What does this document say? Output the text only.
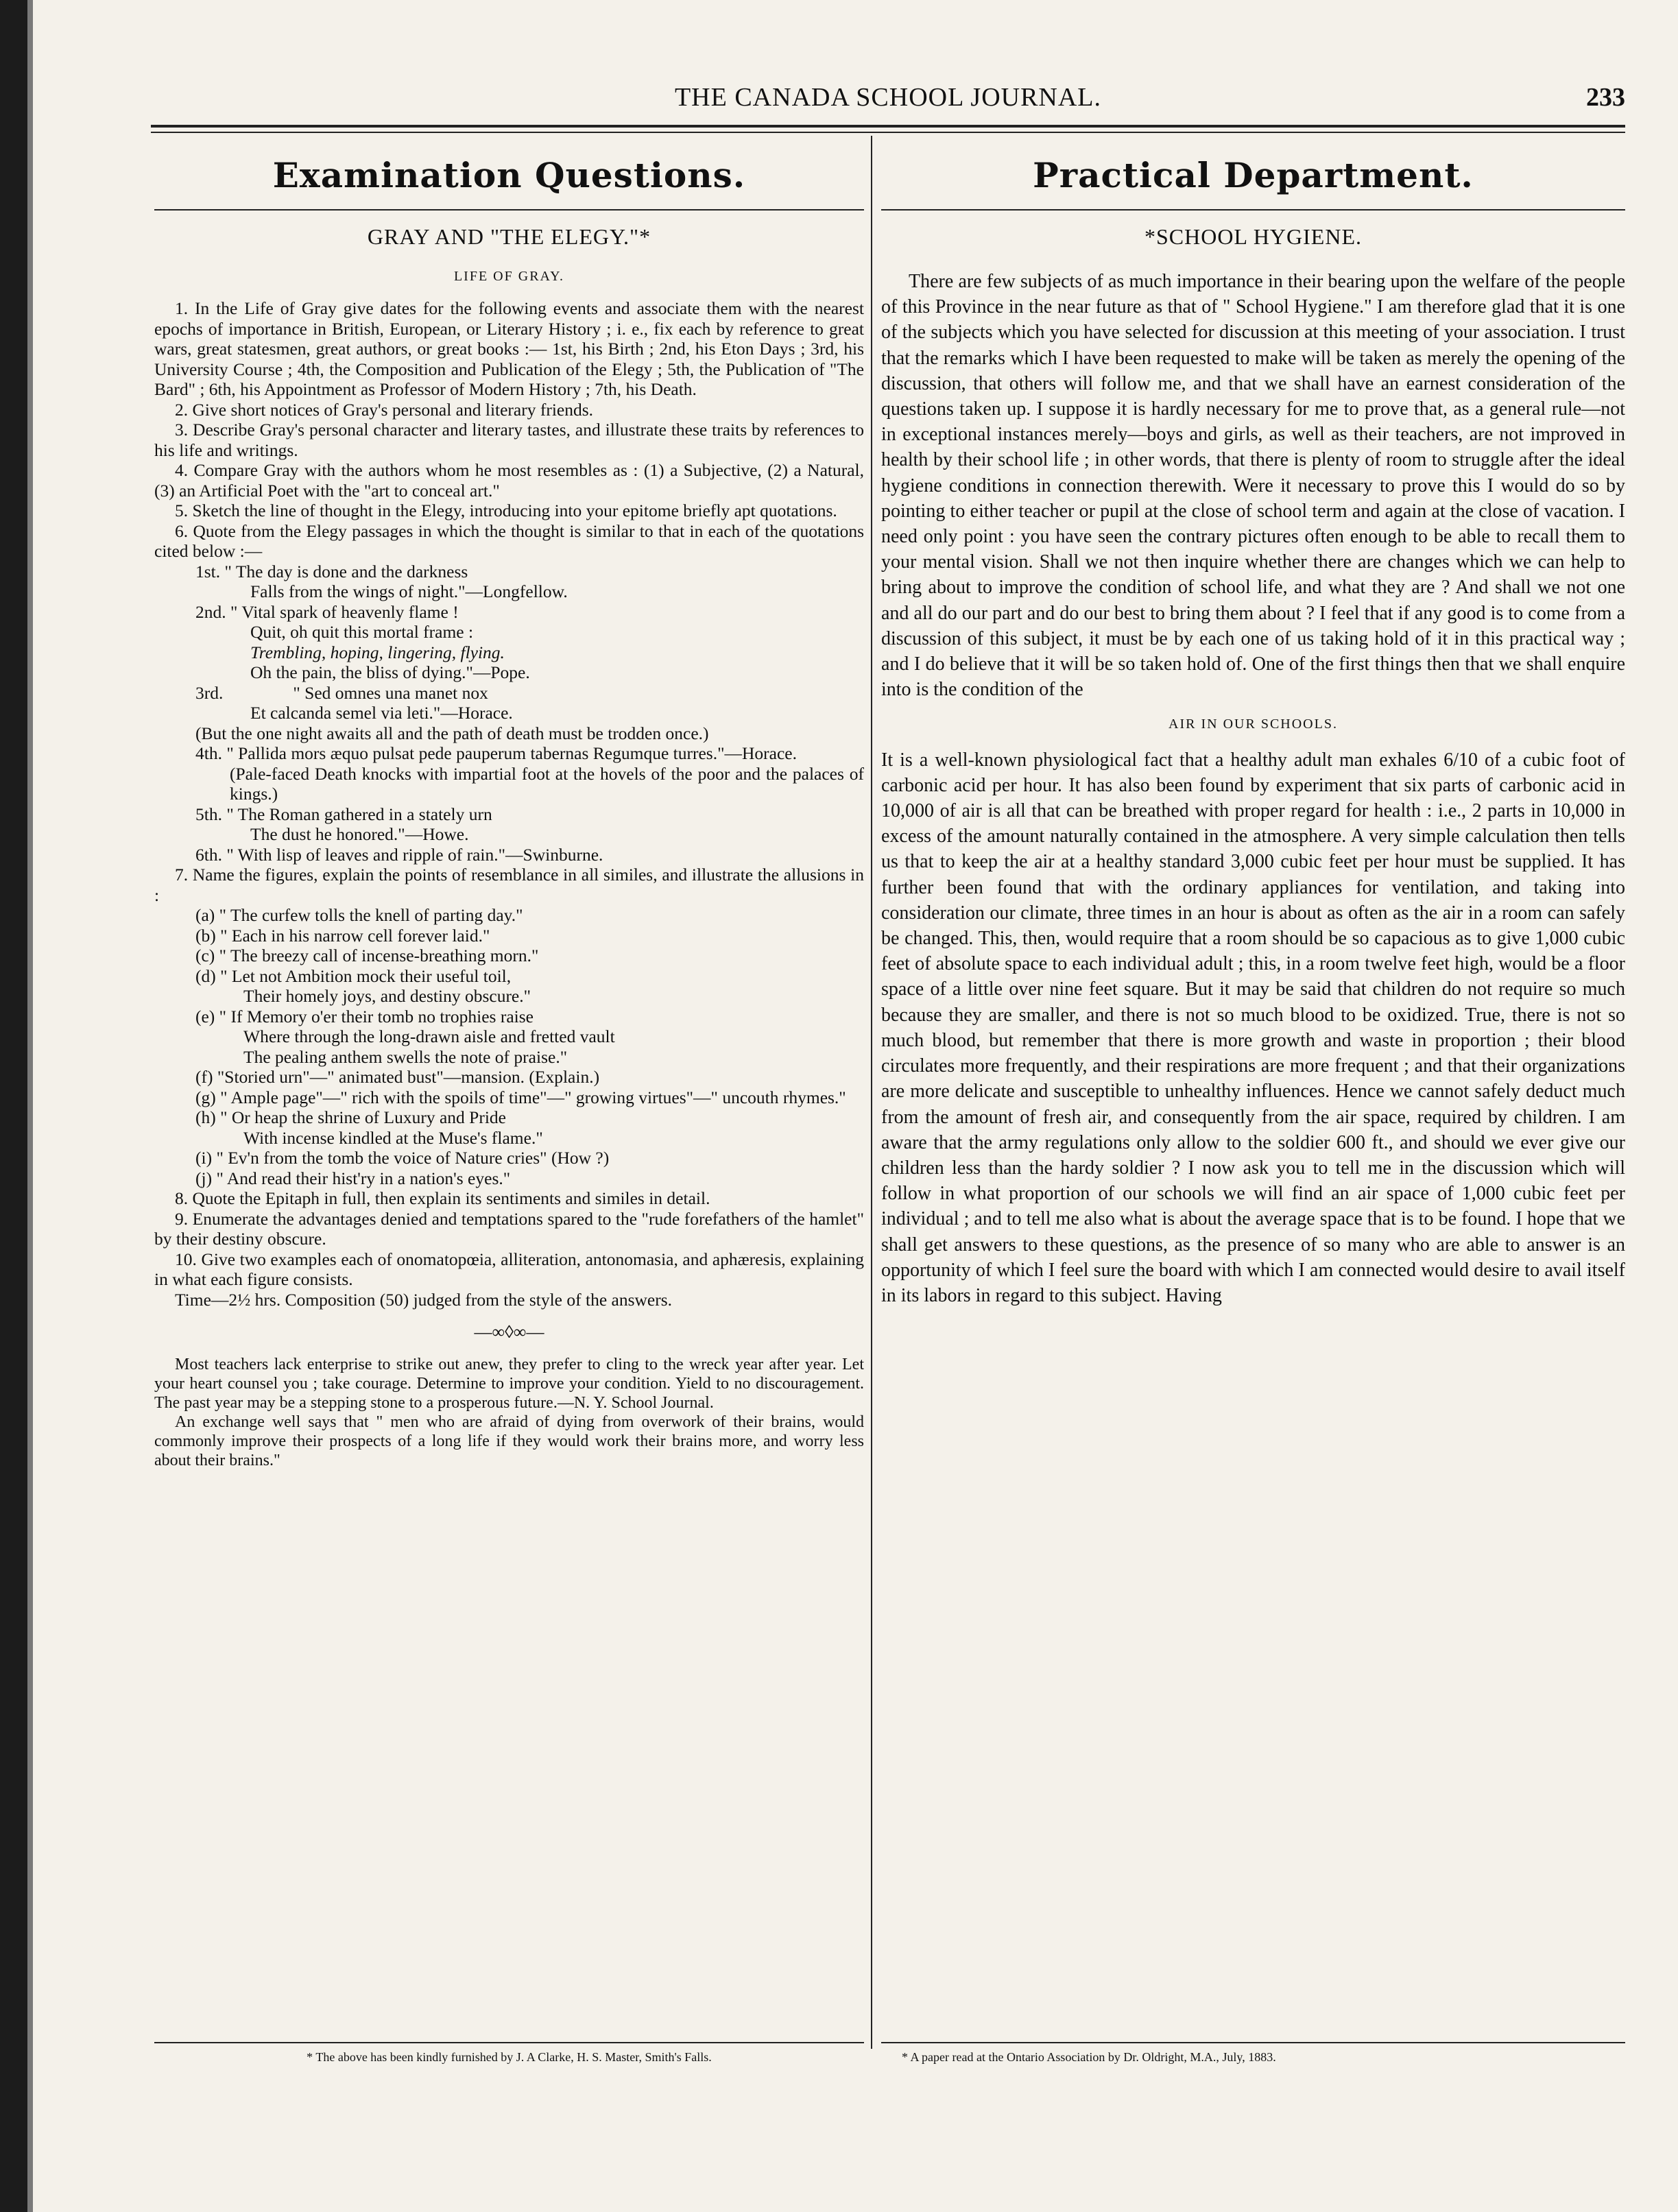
THE CANADA SCHOOL JOURNAL.	233
Examination Questions.
GRAY AND "THE ELEGY."*
LIFE OF GRAY.

1. In the Life of Gray give dates for the following events and associate them with the nearest epochs of importance in British, European, or Literary History ; i. e., fix each by reference to great wars, great statesmen, great authors, or great books :— 1st, his Birth ; 2nd, his Eton Days ; 3rd, his University Course ; 4th, the Composition and Publication of the Elegy ; 5th, the Publication of "The Bard" ; 6th, his Appointment as Professor of Modern History ; 7th, his Death.

2. Give short notices of Gray's personal and literary friends.

3. Describe Gray's personal character and literary tastes, and illustrate these traits by references to his life and writings.

4. Compare Gray with the authors whom he most resembles as : (1) a Subjective, (2) a Natural, (3) an Artificial Poet with the "art to conceal art."

5. Sketch the line of thought in the Elegy, introducing into your epitome briefly apt quotations.

6. Quote from the Elegy passages in which the thought is similar to that in each of the quotations cited below :—

1st. " The day is done and the darkness
Falls from the wings of night."—Longfellow.
2nd. " Vital spark of heavenly flame !
Quit, oh quit this mortal frame :
Trembling, hoping, lingering, flying.
Oh the pain, the bliss of dying."—Pope.
3rd.                " Sed omnes una manet nox
Et calcanda semel via leti."—Horace.
(But the one night awaits all and the path of death must be trodden once.)
4th. " Pallida mors æquo pulsat pede pauperum tabernas Regumque turres."—Horace.
(Pale-faced Death knocks with impartial foot at the hovels of the poor and the palaces of kings.)
5th. " The Roman gathered in a stately urn
The dust he honored."—Howe.
6th. " With lisp of leaves and ripple of rain."—Swinburne.

7. Name the figures, explain the points of resemblance in all similes, and illustrate the allusions in :

(a) " The curfew tolls the knell of parting day."
(b) " Each in his narrow cell forever laid."
(c) " The breezy call of incense-breathing morn."
(d) " Let not Ambition mock their useful toil,
Their homely joys, and destiny obscure."
(e) " If Memory o'er their tomb no trophies raise
Where through the long-drawn aisle and fretted vault
The pealing anthem swells the note of praise."
(f) "Storied urn"—" animated bust"—mansion. (Explain.)
(g) " Ample page"—" rich with the spoils of time"—" growing virtues"—" uncouth rhymes."
(h) " Or heap the shrine of Luxury and Pride
With incense kindled at the Muse's flame."
(i) " Ev'n from the tomb the voice of Nature cries" (How ?)
(j) " And read their hist'ry in a nation's eyes."

8. Quote the Epitaph in full, then explain its sentiments and similes in detail.

9. Enumerate the advantages denied and temptations spared to the "rude forefathers of the hamlet" by their destiny obscure.

10. Give two examples each of onomatopœia, alliteration, antonomasia, and aphæresis, explaining in what each figure consists.

Time—2½ hrs. Composition (50) judged from the style of the answers.

—∞◊∞—

Most teachers lack enterprise to strike out anew, they prefer to cling to the wreck year after year. Let your heart counsel you ; take courage. Determine to improve your condition. Yield to no discouragement. The past year may be a stepping stone to a prosperous future.—N. Y. School Journal.

An exchange well says that " men who are afraid of dying from overwork of their brains, would commonly improve their prospects of a long life if they would work their brains more, and worry less about their brains."

Practical Department.
*SCHOOL HYGIENE.

There are few subjects of as much importance in their bearing upon the welfare of the people of this Province in the near future as that of " School Hygiene." I am therefore glad that it is one of the subjects which you have selected for discussion at this meeting of your association. I trust that the remarks which I have been requested to make will be taken as merely the opening of the discussion, that others will follow me, and that we shall have an earnest consideration of the questions taken up. I suppose it is hardly necessary for me to prove that, as a general rule—not in exceptional instances merely—boys and girls, as well as their teachers, are not improved in health by their school life ; in other words, that there is plenty of room to struggle after the ideal hygiene conditions in connection therewith. Were it necessary to prove this I would do so by pointing to either teacher or pupil at the close of school term and again at the close of vacation. I need only point : you have seen the contrary pictures often enough to be able to recall them to your mental vision. Shall we not then inquire whether there are changes which we can help to bring about to improve the condition of school life, and what they are ? And shall we not one and all do our part and do our best to bring them about ? I feel that if any good is to come from a discussion of this subject, it must be by each one of us taking hold of it in this practical way ; and I do believe that it will be so taken hold of. One of the first things then that we shall enquire into is the condition of the

AIR IN OUR SCHOOLS.

It is a well-known physiological fact that a healthy adult man exhales 6/10 of a cubic foot of carbonic acid per hour. It has also been found by experiment that six parts of carbonic acid in 10,000 of air is all that can be breathed with proper regard for health : i.e., 2 parts in 10,000 in excess of the amount naturally contained in the atmosphere. A very simple calculation then tells us that to keep the air at a healthy standard 3,000 cubic feet per hour must be supplied. It has further been found that with the ordinary appliances for ventilation, and taking into consideration our climate, three times in an hour is about as often as the air in a room can safely be changed. This, then, would require that a room should be so capacious as to give 1,000 cubic feet of absolute space to each individual adult ; this, in a room twelve feet high, would be a floor space of a little over nine feet square. But it may be said that children do not require so much because they are smaller, and there is not so much blood to be oxidized. True, there is not so much blood, but remember that there is more growth and waste in proportion ; their blood circulates more frequently, and their respirations are more frequent ; and that their organizations are more delicate and susceptible to unhealthy influences. Hence we cannot safely deduct much from the amount of fresh air, and consequently from the air space, required by children. I am aware that the army regulations only allow to the soldier 600 ft., and should we ever give our children less than the hardy soldier ? I now ask you to tell me in the discussion which will follow in what proportion of our schools we will find an air space of 1,000 cubic feet per individual ; and to tell me also what is about the average space that is to be found. I hope that we shall get answers to these questions, as the presence of so many who are able to answer is an opportunity of which I feel sure the board with which I am connected would desire to avail itself in its labors in regard to this subject. Having

* The above has been kindly furnished by J. A Clarke, H. S. Master, Smith's Falls.	* A paper read at the Ontario Association by Dr. Oldright, M.A., July, 1883.
